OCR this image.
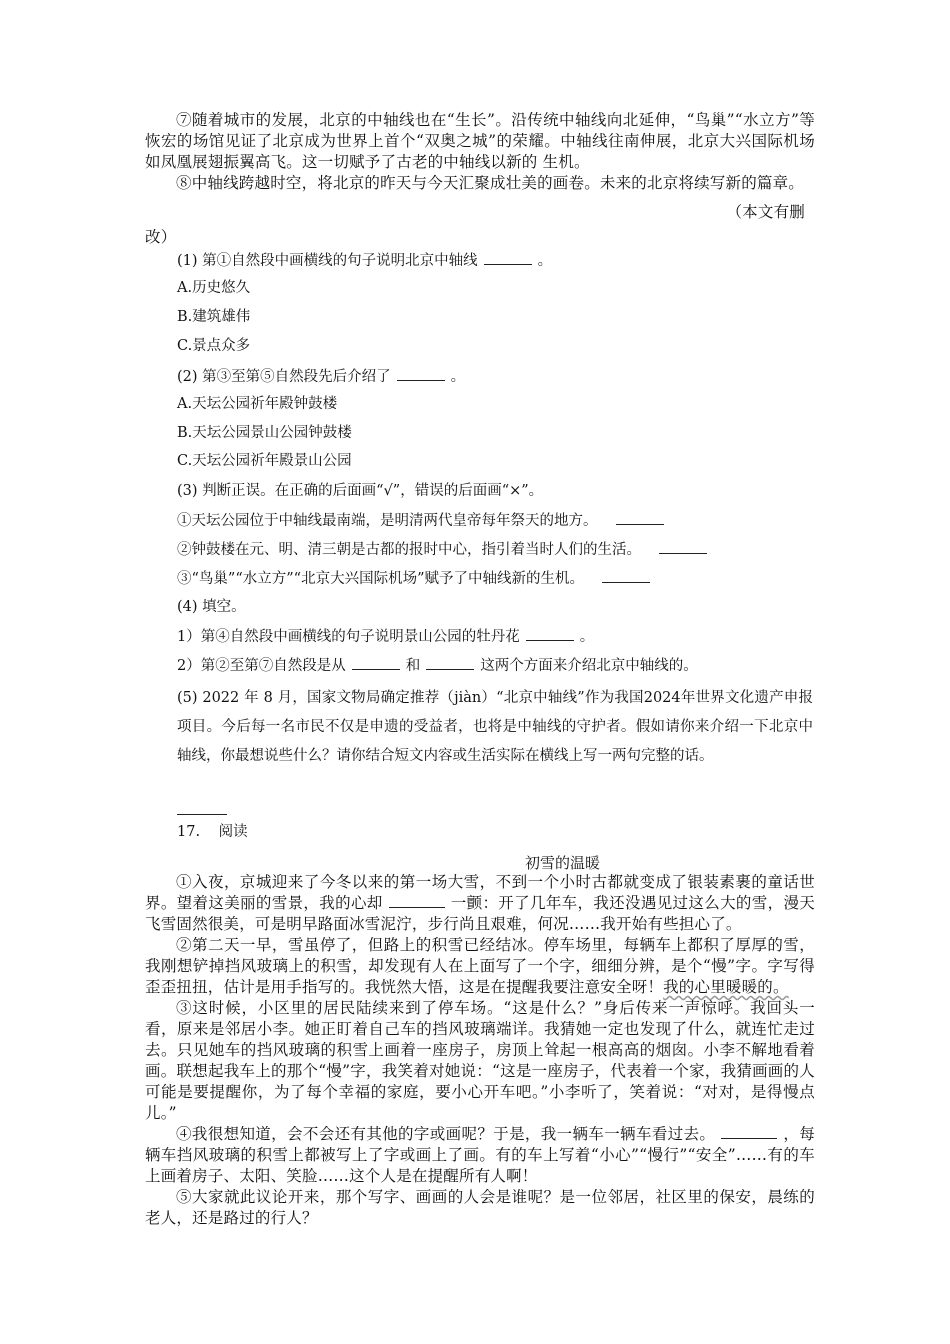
⑦随着城市的发展，北京的中轴线也在“生长”。沿传统中轴线向北延伸，“鸟巢”“水立方”等恢宏的场馆见证了北京成为世界上首个“双奥之城”的荣耀。中轴线往南伸展，北京大兴国际机场如凤凰展翅振翼高飞。这一切赋予了古老的中轴线以新的 生机。

⑧中轴线跨越时空，将北京的昨天与今天汇聚成壮美的画卷。未来的北京将续写新的篇章。

（本文有删

改）

(1) 第①自然段中画横线的句子说明北京中轴线	。
A.历史悠久
B.建筑雄伟
C.景点众多
(2) 第③至第⑤自然段先后介绍了	。
A.天坛公园祈年殿钟鼓楼
B.天坛公园景山公园钟鼓楼
C.天坛公园祈年殿景山公园
(3) 判断正误。在正确的后面画“√”，错误的后面画“×”。
①天坛公园位于中轴线最南端，是明清两代皇帝每年祭天的地方。
②钟鼓楼在元、明、清三朝是古都的报时中心，指引着当时人们的生活。
③“鸟巢”“水立方”“北京大兴国际机场”赋予了中轴线新的生机。
(4) 填空。
1）第④自然段中画横线的句子说明景山公园的牡丹花	。
2）第②至第⑦自然段是从	和	这两个方面来介绍北京中轴线的。
(5) 2022 年 8 月，国家文物局确定推荐（jiàn）“北京中轴线”作为我国2024年世界文化遗产申报项目。今后每一名市民不仅是申遗的受益者，也将是中轴线的守护者。假如请你来介绍一下北京中轴线，你最想说些什么？请你结合短文内容或生活实际在横线上写一两句完整的话。
17. 阅读
初雪的温暖

①入夜，京城迎来了今冬以来的第一场大雪，不到一个小时古都就变成了银装素裹的童话世界。望着这美丽的雪景，我的心却	一颤：开了几年车，我还没遇见过这么大的雪，漫天飞雪固然很美，可是明早路面冰雪泥泞，步行尚且艰难，何况……我开始有些担心了。

②第二天一早，雪虽停了，但路上的积雪已经结冰。停车场里，每辆车上都积了厚厚的雪，我刚想铲掉挡风玻璃上的积雪，却发现有人在上面写了一个字，细细分辨，是个“慢”字。字写得歪歪扭扭，估计是用手指写的。我恍然大悟，这是在提醒我要注意安全呀！我的心里暖暖的。

③这时候，小区里的居民陆续来到了停车场。“这是什么？”身后传来一声惊呼。我回头一看，原来是邻居小李。她正盯着自己车的挡风玻璃端详。我猜她一定也发现了什么，就连忙走过去。只见她车的挡风玻璃的积雪上画着一座房子，房顶上耸起一根高高的烟囱。小李不解地看着画。联想起我车上的那个“慢”字，我笑着对她说：“这是一座房子，代表着一个家，我猜画画的人可能是要提醒你，为了每个幸福的家庭，要小心开车吧。”小李听了，笑着说：“对对，是得慢点儿。”

④我很想知道，会不会还有其他的字或画呢？于是，我一辆车一辆车看过去。	，每辆车挡风玻璃的积雪上都被写上了字或画上了画。有的车上写着“小心”“慢行”“安全”……有的车上画着房子、太阳、笑脸……这个人是在提醒所有人啊！

⑤大家就此议论开来，那个写字、画画的人会是谁呢？是一位邻居，社区里的保安，晨练的老人，还是路过的行人？
